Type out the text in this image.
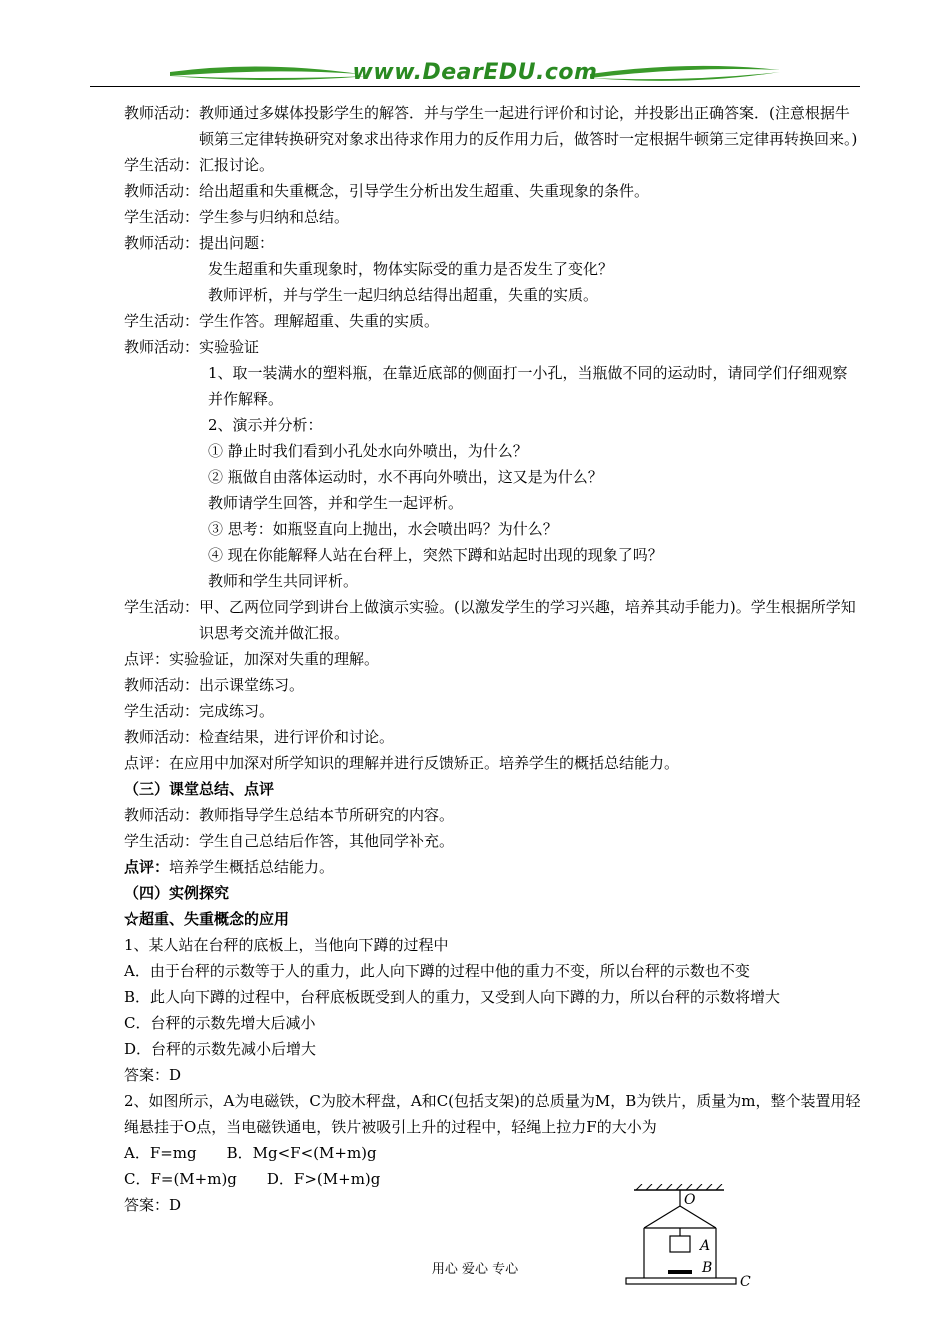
www.DearEDU.com
教师活动： 教师通过多媒体投影学生的解答．并与学生一起进行评价和讨论，并投影出正确答案．(注意根据牛顿第三定律转换研究对象求出待求作用力的反作用力后，做答时一定根据牛顿第三定律再转换回来。)
学生活动： 汇报讨论。
教师活动： 给出超重和失重概念，引导学生分析出发生超重、失重现象的条件。
学生活动： 学生参与归纳和总结。
教师活动： 提出问题：
发生超重和失重现象时，物体实际受的重力是否发生了变化？
教师评析，并与学生一起归纳总结得出超重，失重的实质。
学生活动： 学生作答。理解超重、失重的实质。
教师活动： 实验验证
1、取一装满水的塑料瓶，在靠近底部的侧面打一小孔，当瓶做不同的运动时，请同学们仔细观察并作解释。
2、演示并分析：
① 静止时我们看到小孔处水向外喷出，为什么？
② 瓶做自由落体运动时，水不再向外喷出，这又是为什么？
教师请学生回答，并和学生一起评析。
③ 思考：如瓶竖直向上抛出，水会喷出吗？为什么？
④ 现在你能解释人站在台秤上，突然下蹲和站起时出现的现象了吗？
教师和学生共同评析。
学生活动： 甲、乙两位同学到讲台上做演示实验。(以激发学生的学习兴趣，培养其动手能力)。学生根据所学知识思考交流并做汇报。
点评： 实验验证，加深对失重的理解。
教师活动： 出示课堂练习。
学生活动： 完成练习。
教师活动： 检查结果，进行评价和讨论。
点评： 在应用中加深对所学知识的理解并进行反馈矫正。培养学生的概括总结能力。
（三）课堂总结、点评
教师活动： 教师指导学生总结本节所研究的内容。
学生活动： 学生自己总结后作答，其他同学补充。
点评： 培养学生概括总结能力。
（四）实例探究
☆超重、失重概念的应用
1、某人站在台秤的底板上，当他向下蹲的过程中
A．由于台秤的示数等于人的重力，此人向下蹲的过程中他的重力不变，所以台秤的示数也不变
B．此人向下蹲的过程中，台秤底板既受到人的重力，又受到人向下蹲的力，所以台秤的示数将增大
C．台秤的示数先增大后减小
D．台秤的示数先减小后增大
答案：D
2、如图所示，A为电磁铁，C为胶木秤盘，A和C(包括支架)的总质量为M，B为铁片，质量为m，整个装置用轻绳悬挂于O点，当电磁铁通电，铁片被吸引上升的过程中，轻绳上拉力F的大小为
A．F=mg　　B．Mg<F<(M+m)g
C．F=(M+m)g　　D．F>(M+m)g
答案：D	O
A
B
C
用心 爱心 专心
